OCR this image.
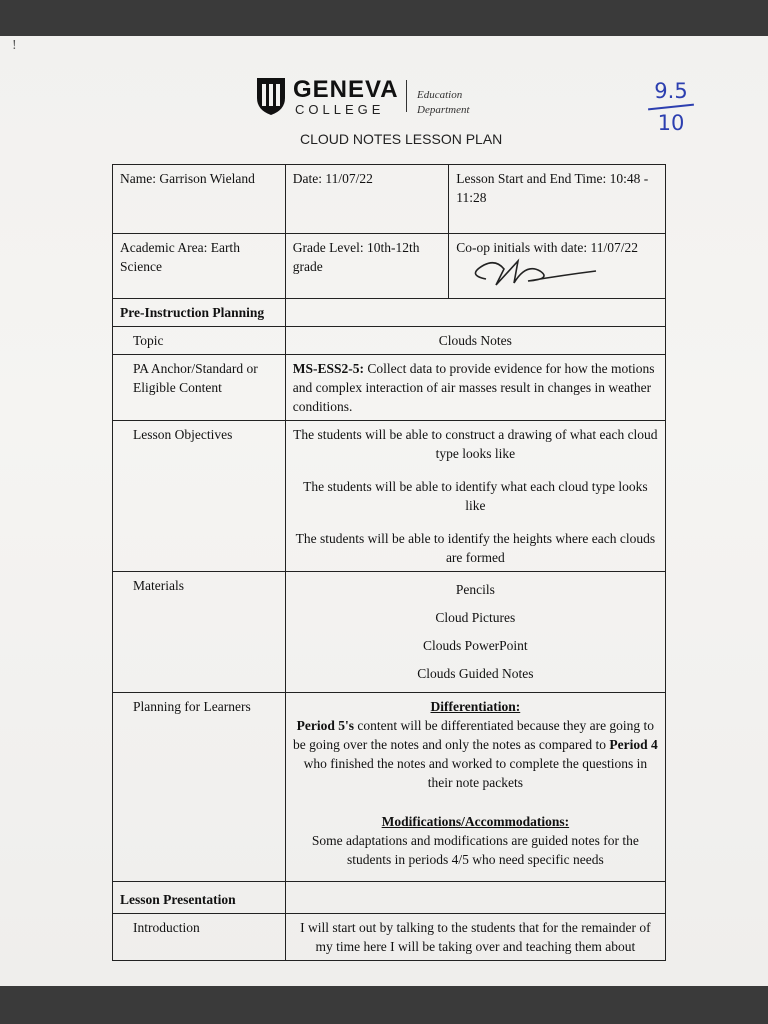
!
GENEVA
COLLEGE
Education
Department
CLOUD NOTES LESSON PLAN
9.5
10
Name: Garrison Wieland	Date: 11/07/22	Lesson Start and End Time: 10:48 - 11:28
Academic Area: Earth Science	Grade Level: 10th-12th grade	Co-op initials with date: 11/07/22

Pre-Instruction Planning		
Topic	Clouds Notes	
PA Anchor/Standard or Eligible Content	MS-ESS2-5: Collect data to provide evidence for how the motions and complex interaction of air masses result in changes in weather conditions.	
Lesson Objectives	The students will be able to construct a drawing of what each cloud type looks like
The students will be able to identify what each cloud type looks like
The students will be able to identify the heights where each clouds are formed	

Materials	Pencils
Cloud Pictures
Clouds PowerPoint
Clouds Guided Notes	

Planning for Learners	Differentiation:
Period 5's content will be differentiated because they are going to be going over the notes and only the notes as compared to Period 4 who finished the notes and worked to complete the questions in their note packets
Modifications/Accommodations:
Some adaptations and modifications are guided notes for the students in periods 4/5 who need specific needs	

Lesson Presentation		
Introduction	I will start out by talking to the students that for the remainder of my time here I will be taking over and teaching them about	
